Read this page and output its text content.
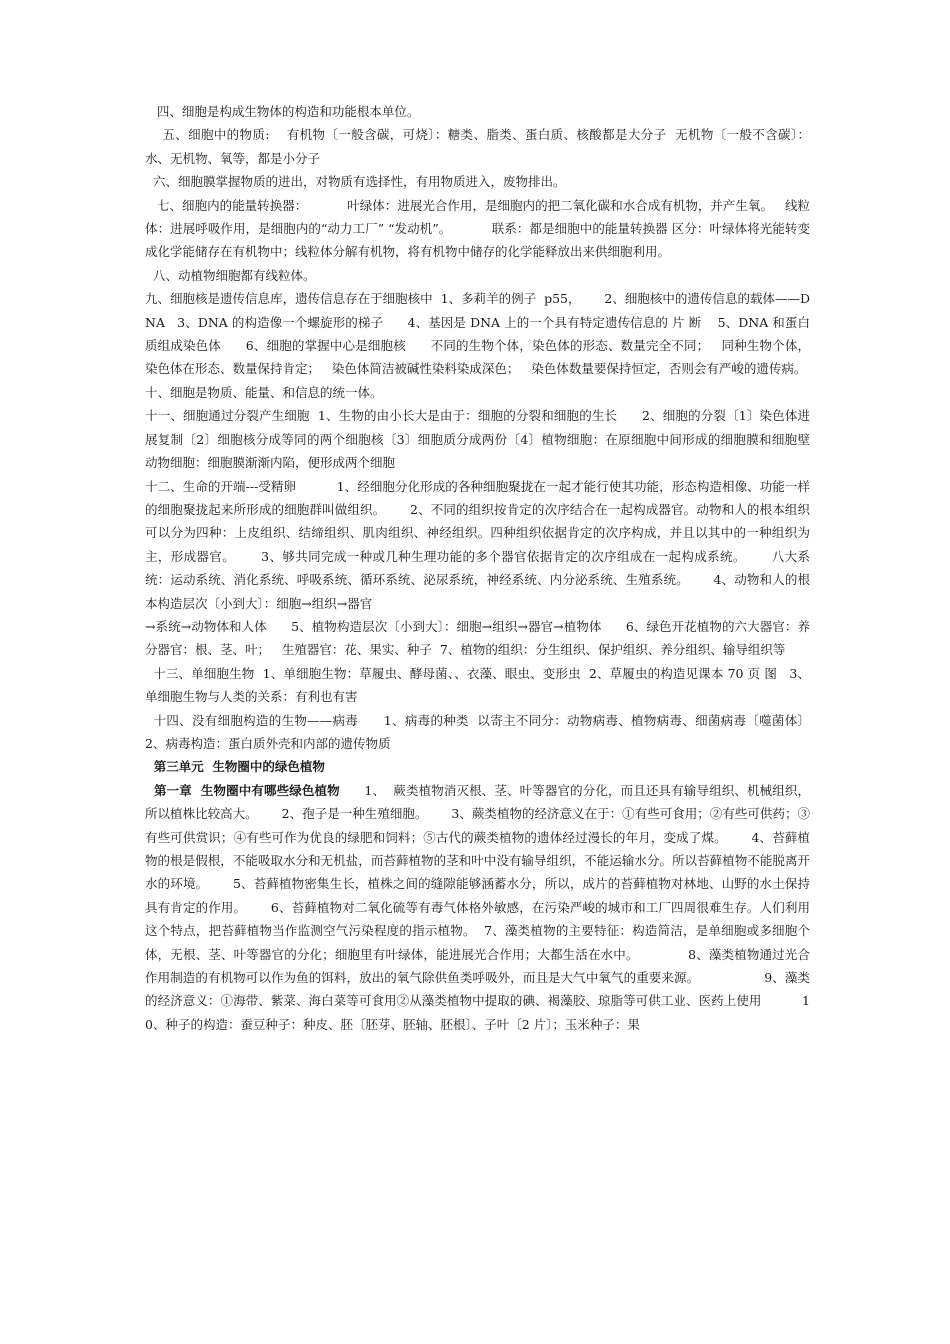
四、细胞是构成生物体的构造和功能根本单位。

五、细胞中的物质:    有机物〔一般含碳，可烧〕：糖类、脂类、蛋白质、核酸都是大分子  无机物〔一般不含碳〕：水、无机物、氧等，都是小分子

六、细胞膜掌握物质的进出，对物质有选择性，有用物质进入，废物排出。

七、细胞内的能量转换器：          叶绿体：进展光合作用，是细胞内的把二氧化碳和水合成有机物，并产生氧。   线粒体：进展呼吸作用，是细胞内的“动力工厂” “发动机”。          联系：都是细胞中的能量转换器 区分：叶绿体将光能转变成化学能储存在有机物中；线粒体分解有机物，将有机物中储存的化学能释放出来供细胞利用。

八、动植物细胞都有线粒体。

九、细胞核是遗传信息库，遗传信息存在于细胞核中  1、多莉羊的例子  p55，      2、细胞核中的遗传信息的载体——DNA   3、DNA 的构造像一个螺旋形的梯子      4、基因是 DNA 上的一个具有特定遗传信息的 片 断    5、DNA 和蛋白质组成染色体      6、细胞的掌握中心是细胞核      不同的生物个体，染色体的形态、数量完全不同；   同种生物个体，染色体在形态、数量保持肯定；   染色体简洁被碱性染料染成深色；   染色体数量要保持恒定，否则会有严峻的遗传病。

十、细胞是物质、能量、和信息的统一体。

十一、细胞通过分裂产生细胞  1、生物的由小长大是由于：细胞的分裂和细胞的生长      2、细胞的分裂〔1〕染色体进展复制〔2〕细胞核分成等同的两个细胞核〔3〕细胞质分成两份〔4〕植物细胞：在原细胞中间形成的细胞膜和细胞壁  动物细胞：细胞膜渐渐内陷，便形成两个细胞

十二、生命的开端---受精卵          1、经细胞分化形成的各种细胞聚拢在一起才能行使其功能，形态构造相像、功能一样的细胞聚拢起来所形成的细胞群叫做组织。      2、不同的组织按肯定的次序结合在一起构成器官。动物和人的根本组织可以分为四种：上皮组织、结缔组织、肌肉组织、神经组织。四种组织依据肯定的次序构成，并且以其中的一种组织为主，形成器官。      3、够共同完成一种或几种生理功能的多个器官依据肯定的次序组成在一起构成系统。      八大系统：运动系统、消化系统、呼吸系统、循环系统、泌尿系统，神经系统、内分泌系统、生殖系统。      4、动物和人的根本构造层次〔小到大〕：细胞→组织→器官

→系统→动物体和人体      5、植物构造层次〔小到大〕：细胞→组织→器官→植物体      6、绿色开花植物的六大器官：养分器官：根、茎、叶；   生殖器官：花、果实、种子  7、植物的组织：分生组织、保护组织、养分组织、输导组织等

十三、单细胞生物  1、单细胞生物：草履虫、酵母菌、、衣藻、眼虫、变形虫  2、草履虫的构造见课本 70 页 图   3、单细胞生物与人类的关系：有利也有害

十四、没有细胞构造的生物——病毒      1、病毒的种类  以寄主不同分：动物病毒、植物病毒、细菌病毒〔噬菌体〕      2、病毒构造：蛋白质外壳和内部的遗传物质

第三单元  生物圈中的绿色植物

第一章  生物圈中有哪些绿色植物      1、  蕨类植物消灭根、茎、叶等器官的分化，而且还具有输导组织、机械组织，所以植株比较高大。      2、孢子是一种生殖细胞。      3、蕨类植物的经济意义在于：①有些可食用；②有些可供药；③有些可供赏识；④有些可作为优良的绿肥和饲料；⑤古代的蕨类植物的遗体经过漫长的年月，变成了煤。      4、苔藓植物的根是假根，不能吸取水分和无机盐，而苔藓植物的茎和叶中没有输导组织，不能运输水分。所以苔藓植物不能脱离开水的环境。      5、苔藓植物密集生长，植株之间的缝隙能够涵蓄水分，所以，成片的苔藓植物对林地、山野的水土保持具有肯定的作用。      6、苔藓植物对二氧化硫等有毒气体格外敏感，在污染严峻的城市和工厂四周很难生存。人们利用这个特点，把苔藓植物当作监测空气污染程度的指示植物。  7、藻类植物的主要特征：构造简洁，是单细胞或多细胞个体，无根、茎、叶等器官的分化；细胞里有叶绿体，能进展光合作用；大都生活在水中。            8、藻类植物通过光合作用制造的有机物可以作为鱼的饵料，放出的氧气除供鱼类呼吸外，而且是大气中氧气的重要来源。                9、藻类的经济意义：①海带、紫菜、海白菜等可食用②从藻类植物中提取的碘、褐藻胶、琼脂等可供工业、医药上使用          10、种子的构造：蚕豆种子：种皮、胚〔胚芽、胚轴、胚根〕、子叶〔2 片〕；玉米种子：果
